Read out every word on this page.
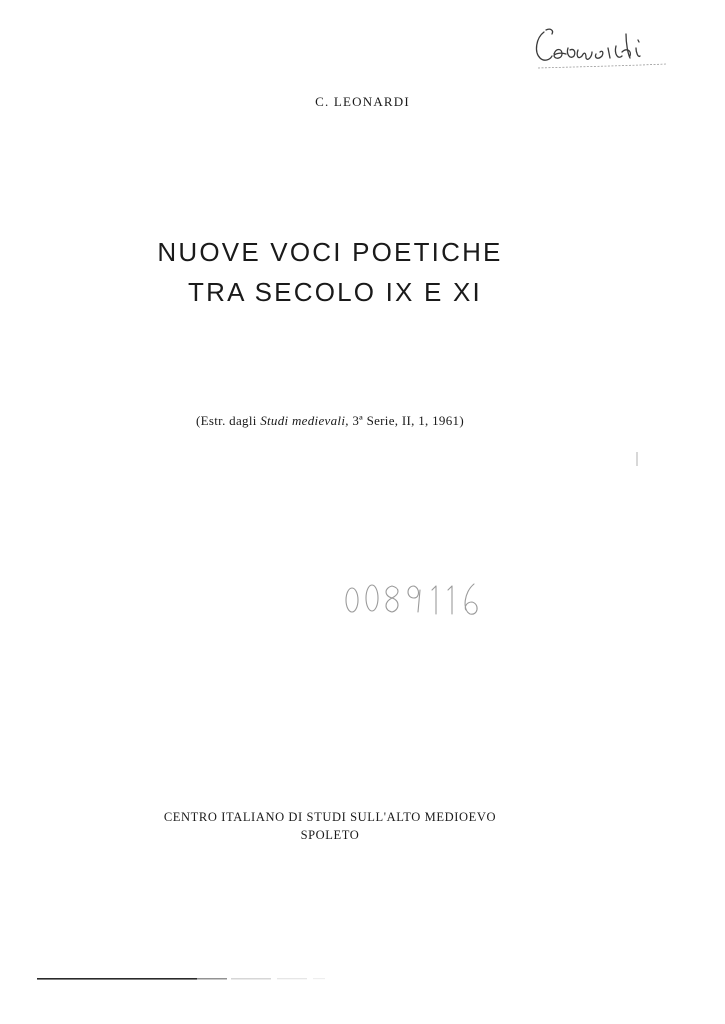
C. LEONARDI
NUOVE VOCI POETICHE
TRA SECOLO IX E XI
(Estr. dagli Studi medievali, 3ª Serie, II, 1, 1961)
CENTRO ITALIANO DI STUDI SULL'ALTO MEDIOEVO
SPOLETO
